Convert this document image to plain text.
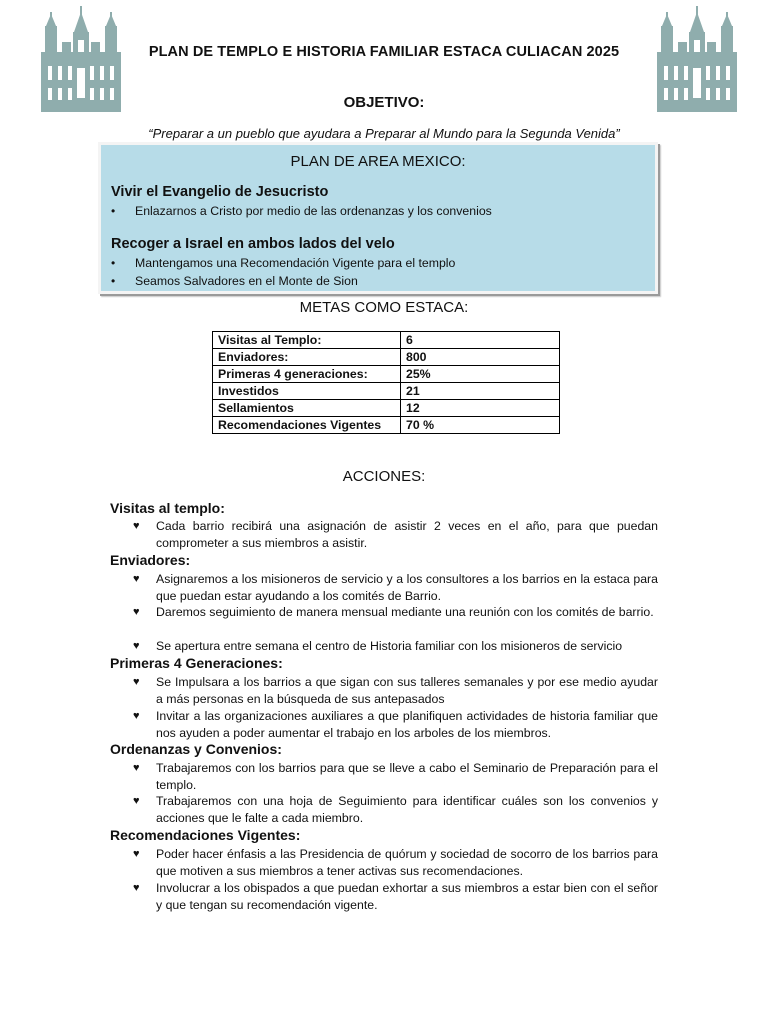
PLAN DE TEMPLO E HISTORIA FAMILIAR ESTACA CULIACAN 2025
OBJETIVO:
“Preparar a un pueblo que ayudara a Preparar al Mundo para la Segunda Venida”
PLAN DE AREA MEXICO:
Vivir el Evangelio de Jesucristo
• Enlazarnos a Cristo por medio de las ordenanzas y los convenios
Recoger a Israel en ambos lados del velo
• Mantengamos una Recomendación Vigente para el templo
• Seamos Salvadores en el Monte de Sion
METAS COMO ESTACA:
Visitas al Templo:	6
Enviadores:	800
Primeras 4 generaciones:	25%
Investidos	21
Sellamientos	12
Recomendaciones Vigentes	70 %
ACCIONES:
Visitas al templo:
♥ Cada barrio recibirá una asignación de asistir 2 veces en el año, para que puedan comprometer a sus miembros a asistir.
Enviadores:
♥ Asignaremos a los misioneros de servicio y a los consultores a los barrios en la estaca para que puedan estar ayudando a los comités de Barrio.
♥ Daremos seguimiento de manera mensual mediante una reunión con los comités de barrio.
♥ Se apertura entre semana el centro de Historia familiar con los misioneros de servicio
Primeras 4 Generaciones:
♥ Se Impulsara a los barrios a que sigan con sus talleres semanales y por ese medio ayudar a más personas en la búsqueda de sus antepasados
♥ Invitar a las organizaciones auxiliares a que planifiquen actividades de historia familiar que nos ayuden a poder aumentar el trabajo en los arboles de los miembros.
Ordenanzas y Convenios:
♥ Trabajaremos con los barrios para que se lleve a cabo el Seminario de Preparación para el templo.
♥ Trabajaremos con una hoja de Seguimiento para identificar cuáles son los convenios y acciones que le falte a cada miembro.
Recomendaciones Vigentes:
♥ Poder hacer énfasis a las Presidencia de quórum y sociedad de socorro de los barrios para que motiven a sus miembros a tener activas sus recomendaciones.
♥ Involucrar a los obispados a que puedan exhortar a sus miembros a estar bien con el señor y que tengan su recomendación vigente.
